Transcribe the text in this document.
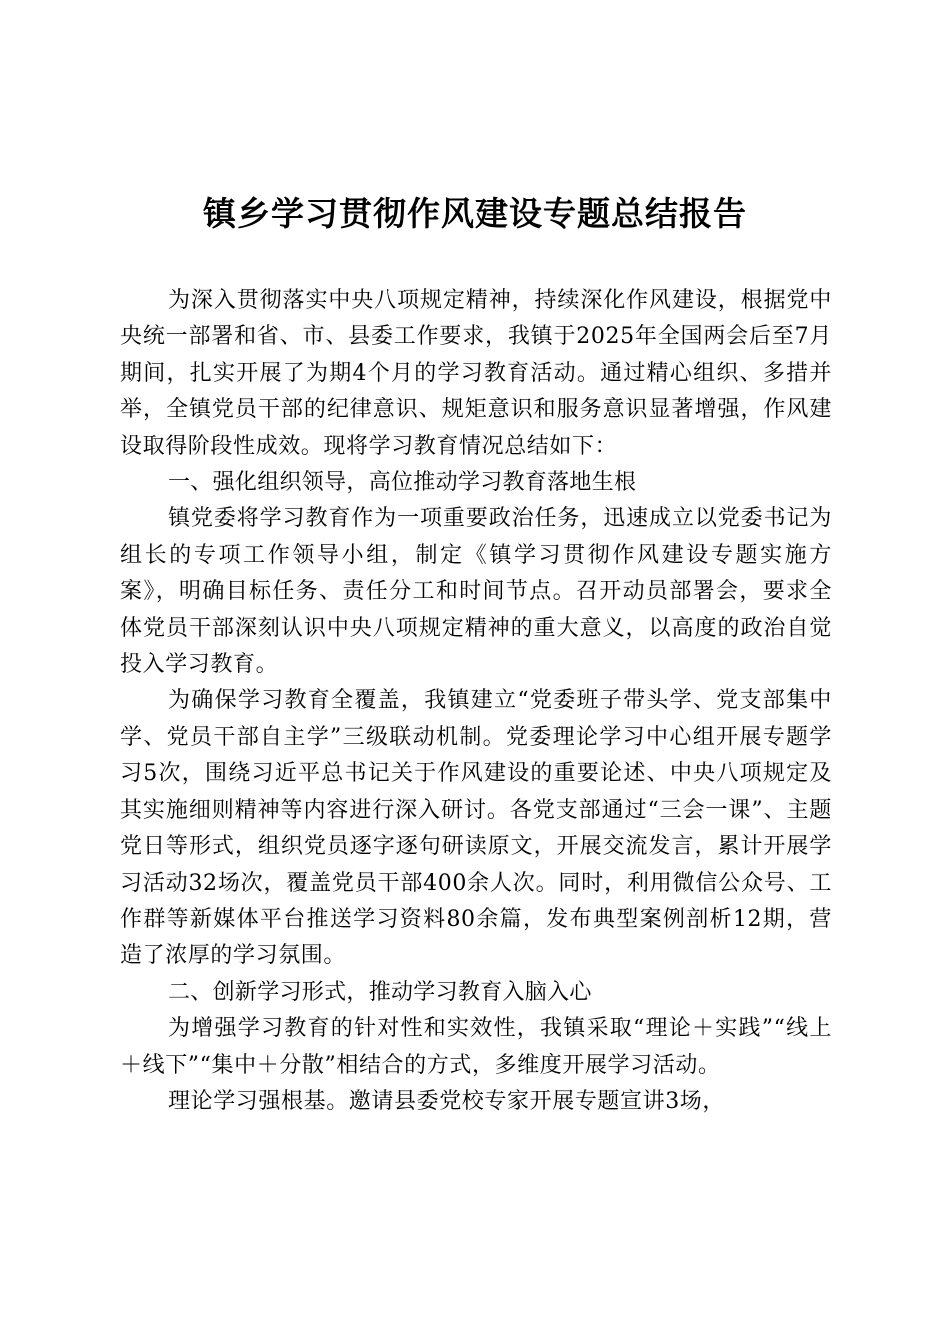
镇乡学习贯彻作风建设专题总结报告

为深入贯彻落实中央八项规定精神，持续深化作风建设，根据党中央统一部署和省、市、县委工作要求，我镇于2025年全国两会后至7月期间，扎实开展了为期4个月的学习教育活动。通过精心组织、多措并举，全镇党员干部的纪律意识、规矩意识和服务意识显著增强，作风建设取得阶段性成效。现将学习教育情况总结如下：

一、强化组织领导，高位推动学习教育落地生根

镇党委将学习教育作为一项重要政治任务，迅速成立以党委书记为组长的专项工作领导小组，制定《镇学习贯彻作风建设专题实施方案》，明确目标任务、责任分工和时间节点。召开动员部署会，要求全体党员干部深刻认识中央八项规定精神的重大意义，以高度的政治自觉投入学习教育。

为确保学习教育全覆盖，我镇建立“党委班子带头学、党支部集中学、党员干部自主学”三级联动机制。党委理论学习中心组开展专题学习5次，围绕习近平总书记关于作风建设的重要论述、中央八项规定及其实施细则精神等内容进行深入研讨。各党支部通过“三会一课”、主题党日等形式，组织党员逐字逐句研读原文，开展交流发言，累计开展学习活动32场次，覆盖党员干部400余人次。同时，利用微信公众号、工作群等新媒体平台推送学习资料80余篇，发布典型案例剖析12期，营造了浓厚的学习氛围。

二、创新学习形式，推动学习教育入脑入心

为增强学习教育的针对性和实效性，我镇采取“理论＋实践”“线上＋线下”“集中＋分散”相结合的方式，多维度开展学习活动。

理论学习强根基。邀请县委党校专家开展专题宣讲3场，
